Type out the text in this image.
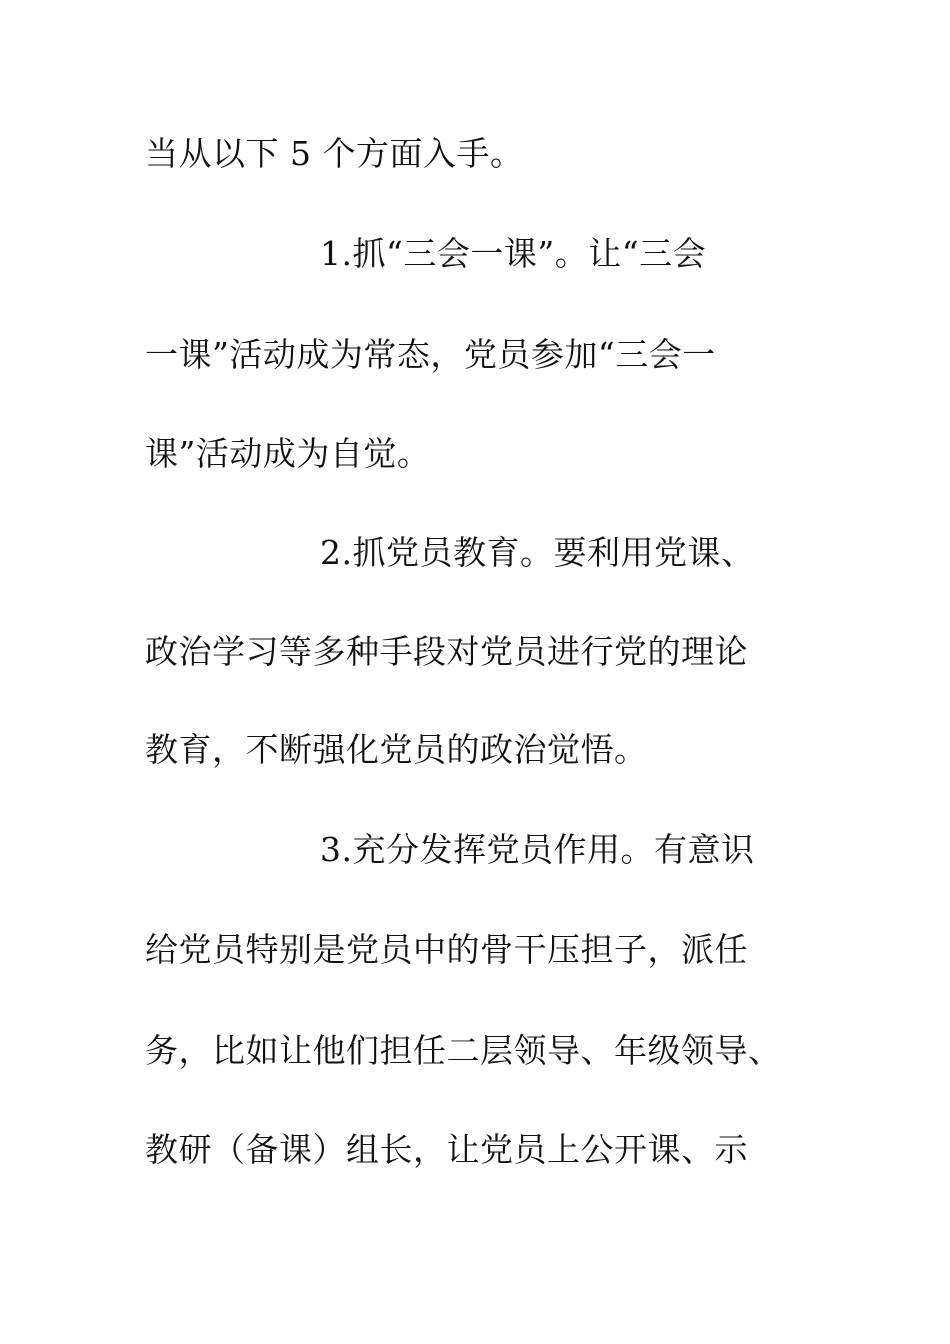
当从以下 5 个方面入手。
1.抓“三会一课”。让“三会
一课”活动成为常态，党员参加“三会一
课”活动成为自觉。
2.抓党员教育。要利用党课、
政治学习等多种手段对党员进行党的理论
教育，不断强化党员的政治觉悟。
3.充分发挥党员作用。有意识
给党员特别是党员中的骨干压担子，派任
务，比如让他们担任二层领导、年级领导、
教研（备课）组长，让党员上公开课、示
